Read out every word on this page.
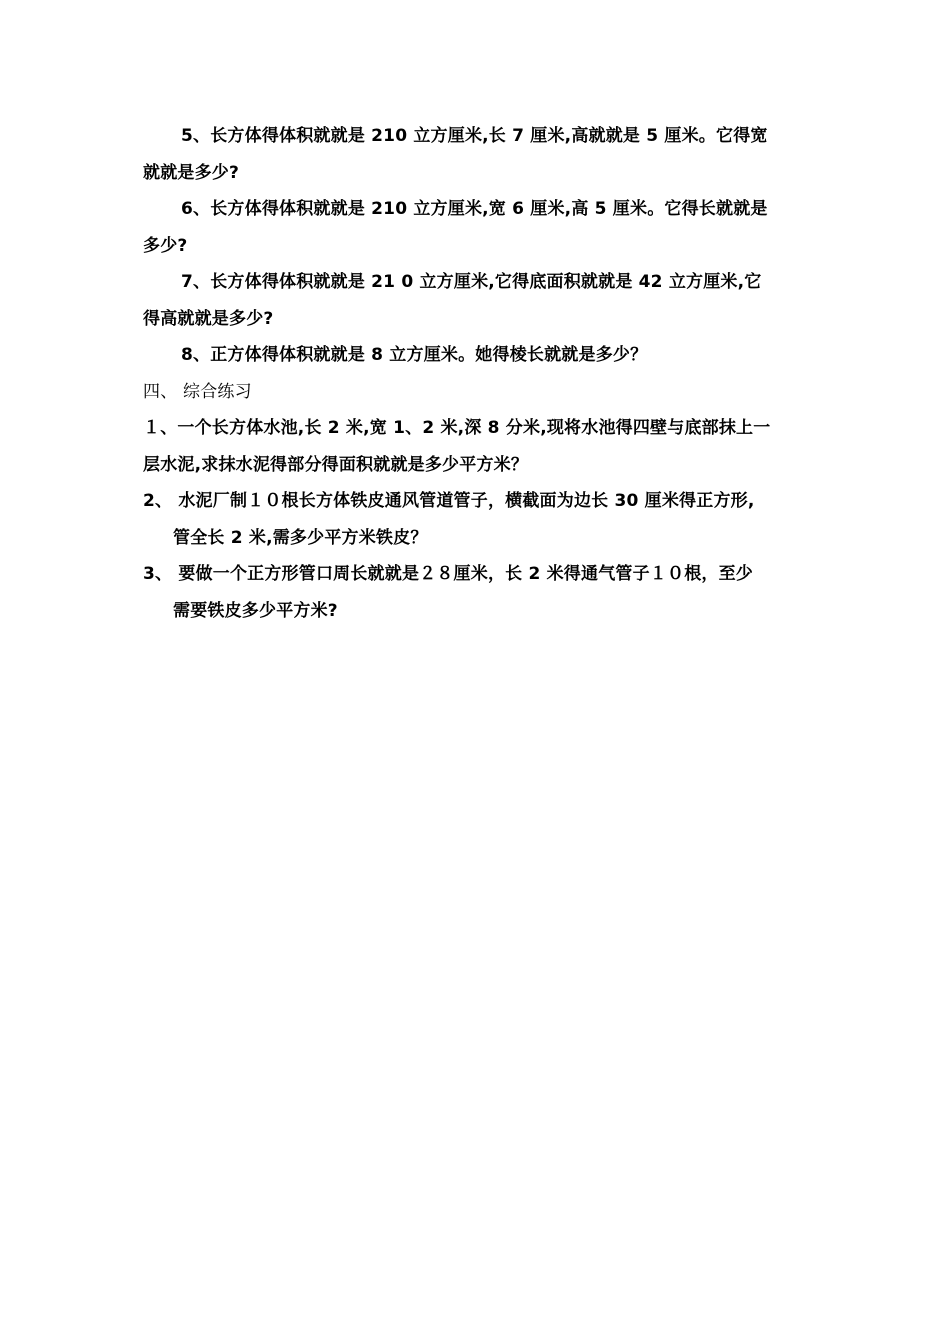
5、长方体得体积就就是 210 立方厘米,长 7 厘米,高就就是 5 厘米。它得宽
就就是多少?
6、长方体得体积就就是 210 立方厘米,宽 6 厘米,高 5 厘米。它得长就就是
多少?
7、长方体得体积就就是 21 0 立方厘米,它得底面积就就是 42 立方厘米,它
得高就就是多少?
8、正方体得体积就就是 8 立方厘米。她得棱长就就是多少？
四、 综合练习
１、一个长方体水池,长 2 米,宽 1、2 米,深 8 分米,现将水池得四壁与底部抹上一
层水泥,求抹水泥得部分得面积就就是多少平方米？
2、 水泥厂制１０根长方体铁皮通风管道管子，横截面为边长 30 厘米得正方形,
管全长 2 米,需多少平方米铁皮？
3、 要做一个正方形管口周长就就是２８厘米，长 2 米得通气管子１０根，至少
需要铁皮多少平方米?
